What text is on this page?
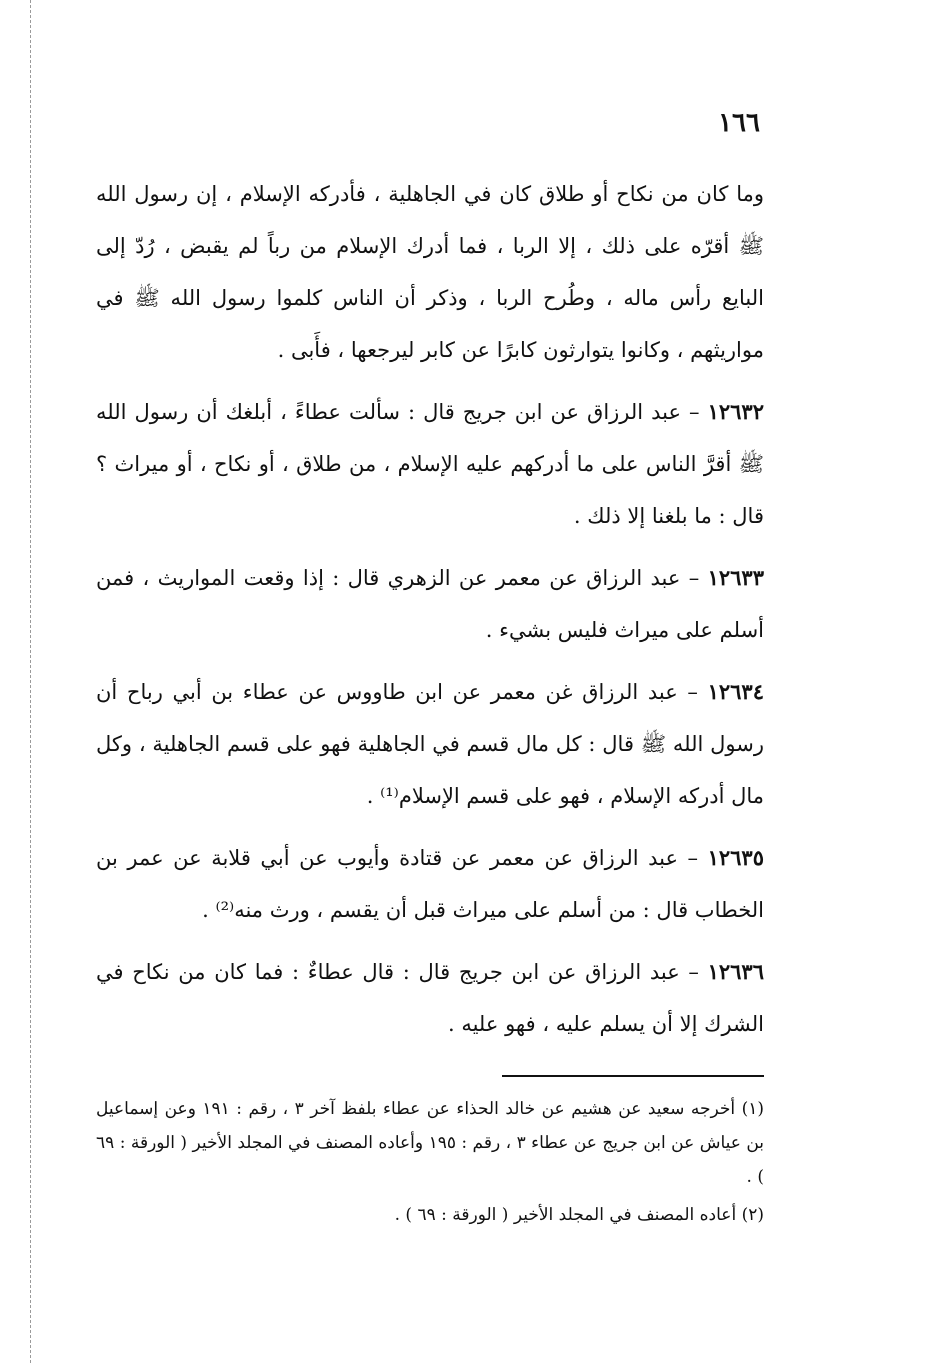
١٦٦

وما كان من نكاح أو طلاق كان في الجاهلية ، فأدركه الإسلام ، إن رسول الله ﷺ أقرّه على ذلك ، إلا الربا ، فما أدرك الإسلام من رباً لم يقبض ، رُدّ إلى البايع رأس ماله ، وطُرح الربا ، وذكر أن الناس كلموا رسول الله ﷺ في مواريثهم ، وكانوا يتوارثون كابرًا عن كابر ليرجعها ، فأَبى .

١٢٦٣٢ – عبد الرزاق عن ابن جريج قال : سألت عطاءً ، أبلغك أن رسول الله ﷺ أقرَّ الناس على ما أدركهم عليه الإسلام ، من طلاق ، أو نكاح ، أو ميراث ؟ قال : ما بلغنا إلا ذلك .

١٢٦٣٣ – عبد الرزاق عن معمر عن الزهري قال : إذا وقعت المواريث ، فمن أسلم على ميراث فليس بشيء .

١٢٦٣٤ – عبد الرزاق غن معمر عن ابن طاووس عن عطاء بن أبي رباح أن رسول الله ﷺ قال : كل مال قسم في الجاهلية فهو على قسم الجاهلية ، وكل مال أدركه الإسلام ، فهو على قسم الإسلام⁽¹⁾ .

١٢٦٣٥ – عبد الرزاق عن معمر عن قتادة وأيوب عن أبي قلابة عن عمر بن الخطاب قال : من أسلم على ميراث قبل أن يقسم ، ورث منه⁽²⁾ .

١٢٦٣٦ – عبد الرزاق عن ابن جريج قال : قال عطاءٌ : فما كان من نكاح في الشرك إلا أن يسلم عليه ، فهو عليه .

(١) أخرجه سعيد عن هشيم عن خالد الحذاء عن عطاء بلفظ آخر ٣ ، رقم : ١٩١ وعن إسماعيل بن عياش عن ابن جريج عن عطاء ٣ ، رقم : ١٩٥ وأعاده المصنف في المجلد الأخير ( الورقة : ٦٩ ) .

(٢) أعاده المصنف في المجلد الأخير ( الورقة : ٦٩ ) .
